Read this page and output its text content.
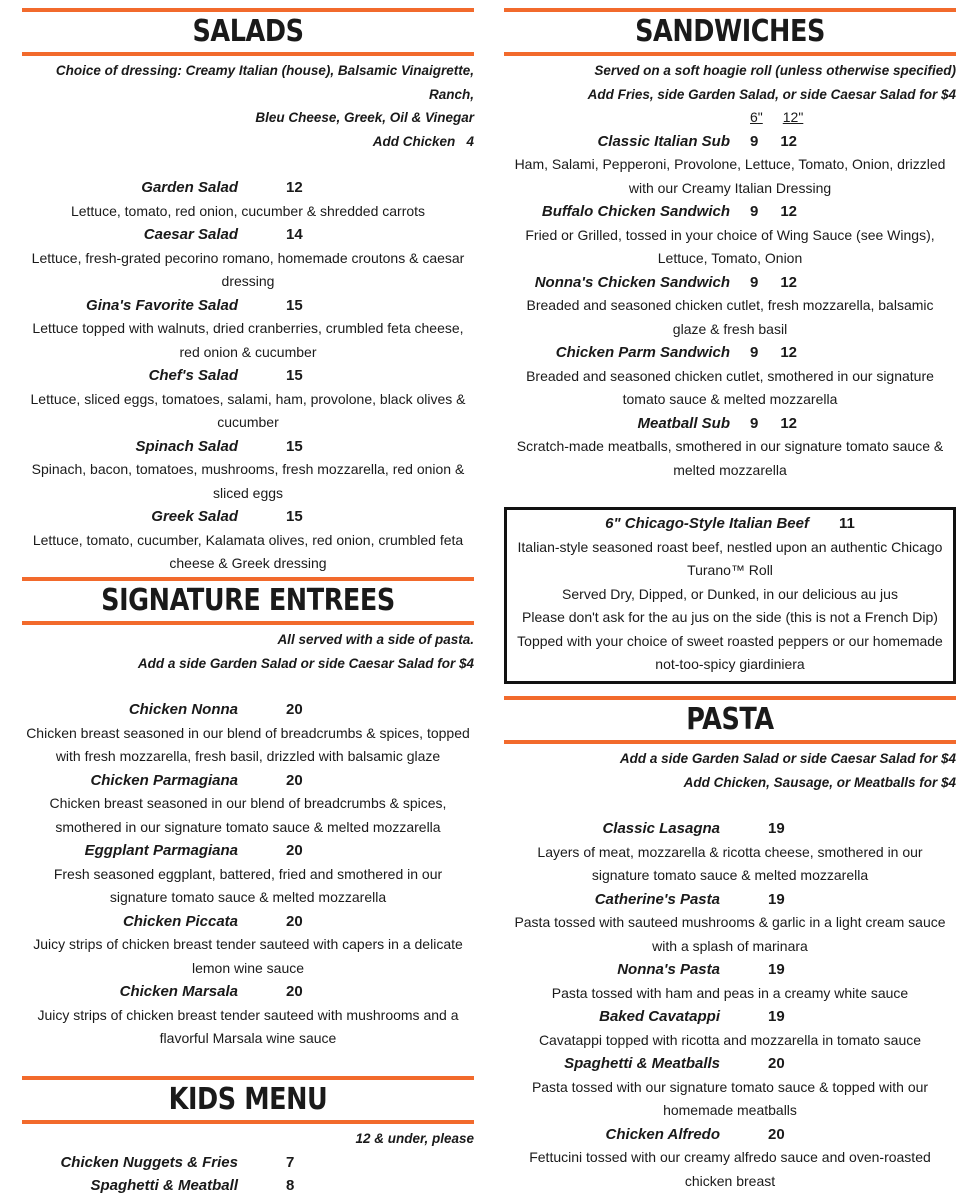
SALADS
Choice of dressing: Creamy Italian (house), Balsamic Vinaigrette, Ranch,
Bleu Cheese, Greek, Oil & Vinegar
Add Chicken   4
Garden Salad	12
Lettuce, tomato, red onion, cucumber & shredded carrots
Caesar Salad	14
Lettuce, fresh-grated pecorino romano, homemade croutons & caesar dressing
Gina's Favorite Salad	15
Lettuce topped with walnuts, dried cranberries, crumbled feta cheese, red onion & cucumber
Chef's Salad	15
Lettuce, sliced eggs, tomatoes, salami, ham, provolone, black olives & cucumber
Spinach Salad	15
Spinach, bacon, tomatoes, mushrooms, fresh mozzarella, red onion & sliced eggs
Greek Salad	15
Lettuce, tomato, cucumber, Kalamata olives, red onion, crumbled feta cheese & Greek dressing
SIGNATURE ENTREES
All served with a side of pasta.
Add a side Garden Salad or side Caesar Salad for $4
Chicken Nonna	20
Chicken breast seasoned in our blend of breadcrumbs & spices, topped with fresh mozzarella, fresh basil, drizzled with balsamic glaze
Chicken Parmagiana	20
Chicken breast seasoned in our blend of breadcrumbs & spices, smothered in our signature tomato sauce & melted mozzarella
Eggplant Parmagiana	20
Fresh seasoned eggplant, battered, fried and smothered in our signature tomato sauce & melted mozzarella
Chicken Piccata	20
Juicy strips of chicken breast tender sauteed with capers in a delicate lemon wine sauce
Chicken Marsala	20
Juicy strips of chicken breast tender sauteed with mushrooms and a flavorful Marsala wine sauce
KIDS MENU
12 & under, please
Chicken Nuggets & Fries	7
Spaghetti & Meatball	8
SANDWICHES
Served on a soft hoagie roll (unless otherwise specified)
Add Fries, side Garden Salad, or side Caesar Salad for $4
6" 12"
Classic Italian Sub	9 12
Ham, Salami, Pepperoni, Provolone, Lettuce, Tomato, Onion, drizzled with our Creamy Italian Dressing
Buffalo Chicken Sandwich	9 12
Fried or Grilled, tossed in your choice of Wing Sauce (see Wings), Lettuce, Tomato, Onion
Nonna's Chicken Sandwich	9 12
Breaded and seasoned chicken cutlet, fresh mozzarella, balsamic glaze & fresh basil
Chicken Parm Sandwich	9 12
Breaded and seasoned chicken cutlet, smothered in our signature tomato sauce & melted mozzarella
Meatball Sub	9 12
Scratch-made meatballs, smothered in our signature tomato sauce & melted mozzarella
6" Chicago-Style Italian Beef 11
Italian-style seasoned roast beef, nestled upon an authentic Chicago Turano™ Roll
Served Dry, Dipped, or Dunked, in our delicious au jus
Please don't ask for the au jus on the side (this is not a French Dip)
Topped with your choice of sweet roasted peppers or our homemade not-too-spicy giardiniera
PASTA
Add a side Garden Salad or side Caesar Salad for $4
Add Chicken, Sausage, or Meatballs for $4
Classic Lasagna	19
Layers of meat, mozzarella & ricotta cheese, smothered in our signature tomato sauce & melted mozzarella
Catherine's Pasta	19
Pasta tossed with sauteed mushrooms & garlic in a light cream sauce with a splash of marinara
Nonna's Pasta	19
Pasta tossed with ham and peas in a creamy white sauce
Baked Cavatappi	19
Cavatappi topped with ricotta and mozzarella in tomato sauce
Spaghetti & Meatballs	20
Pasta tossed with our signature tomato sauce & topped with our homemade meatballs
Chicken Alfredo	20
Fettucini tossed with our creamy alfredo sauce and oven-roasted chicken breast
